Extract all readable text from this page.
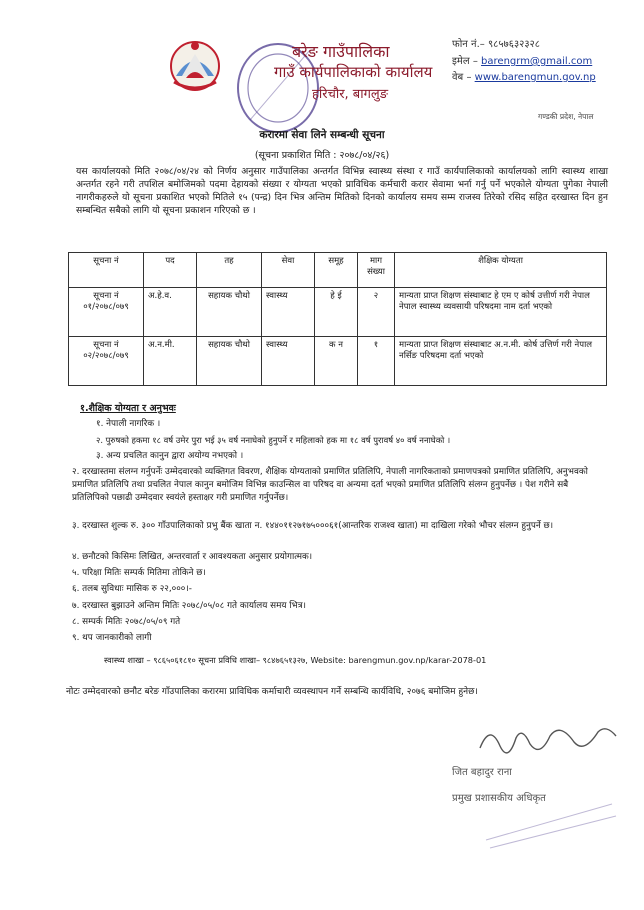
बरेङ गाउँपालिका
गाउँ कार्यपालिकाको कार्यालय
हरिचौर, बागलुङ
फोन नं.– ९८५७६३२३२८
इमेल – barengrm@gmail.com
वेब – www.barengmun.gov.np
गण्डकी प्रदेश, नेपाल
करारमा सेवा लिने सम्बन्धी सूचना
(सूचना प्रकाशित मिति : २०७८/०४/२६)
यस कार्यालयको मिति २०७८/०४/२४ को निर्णय अनुसार गाउँपालिका अन्तर्गत विभिन्न स्वास्थ्य संस्था र गाउँ कार्यपालिकाको कार्यालयको लागि स्वास्थ्य शाखा अन्तर्गत रहने गरी तपशिल बमोजिमको पदमा देहायको संख्या र योग्यता भएको प्राविधिक कर्मचारी करार सेवामा भर्ना गर्नु पर्ने भएकोले योग्यता पुगेका नेपाली नागरीकहरुले यो सूचना प्रकाशित भएको मितिले १५ (पन्द्र) दिन भित्र अन्तिम मितिको दिनको कार्यालय समय सम्म राजस्व तिरेको रसिद सहित दरखास्त दिन हुन सम्बन्धित सबैको लागि यो सूचना प्रकाशन गरिएको छ ।
सूचना नं	पद	तह	सेवा	समूह	माग संख्या	शैक्षिक योग्यता
सूचना नं ०१/२०७८/०७९	अ.हे.व.	सहायक चौथो	स्वास्थ्य	हे ई	२	मान्यता प्राप्त शिक्षण संस्थाबाट हे एम ए कोर्ष उत्तीर्ण गरी नेपाल नेपाल स्वास्थ्य व्यवसायी परिषदमा नाम दर्ता भएको
सूचना नं ०२/२०७८/०७९	अ.न.मी.	सहायक चौथो	स्वास्थ्य	क न	१	मान्यता प्राप्त शिक्षण संस्थाबाट अ.न.मी. कोर्ष उत्तिर्ण गरी नेपाल नर्सिङ परिषदमा दर्ता भएको
१.शैक्षिक योग्यता र अनुभवः
१. नेपाली नागरिक ।
२. पुरुषको हकमा १८ वर्ष उमेर पुरा भई ३५ वर्ष ननाघेको हुनुपर्ने र महिलाको हक मा १८ वर्ष पुरावर्ष ४० वर्ष ननाघेको ।
३. अन्य प्रचलित कानुन द्वारा अयोग्य नभएको ।
२. दरखास्तमा संलग्न गर्नुपर्नेः उम्मेदवारको व्यक्तिगत विवरण, शैक्षिक योग्यताको प्रमाणित प्रतिलिपि, नेपाली नागरिकताको प्रमाणपत्रको प्रमाणित प्रतिलिपि, अनुभवको प्रमाणित प्रतिलिपि तथा प्रचलित नेपाल कानुन बमोजिम विभिन्न काउन्सिल वा परिषद वा अन्यमा दर्ता भएको प्रमाणित प्रतिलिपि संलग्न हुनुपर्नेछ । पेश गरीने सबै प्रतिलिपिको पछाढी उम्मेदवार स्वयंले हस्ताक्षर गरी प्रमाणित गर्नुपर्नेछ।
३. दरखास्त शुल्क रु. ३०० गाँउपालिकाको प्रभु बैंक खाता न. १४४०११२७१७५०००६१(आन्तरिक राजश्व खाता) मा दाखिला गरेको भौचर संलग्न हुनुपर्ने छ।
४. छनौटको किसिमः लिखित, अन्तरवार्ता र आवश्यकता अनुसार प्रयोगात्मक।
५. परिक्षा मितिः सम्पर्क मितिमा तोकिने छ।
६. तलब सुविधाः मासिक रु २२,०००।-
७. दरखास्त बुझाउने अन्तिम मितिः २०७८/०५/०८ गते कार्यालय समय भित्र।
८. सम्पर्क मितिः २०७८/०५/०९ गते
९. थप जानकारीको लागी
स्वास्थ्य शाखा – ९८६५०६१८१० सूचना प्रविधि शाखा– ९८४७६५१३२७, Website: barengmun.gov.np/karar-2078-01
नोटः उम्मेदवारको छनौट बरेङ गाँउपालिका करारमा प्राविधिक कर्माचारी व्यवस्थापन गर्ने सम्बन्धि कार्यविधि, २०७६ बमोजिम हुनेछ।
जित बहादुर राना
प्रमुख प्रशासकीय अधिकृत
